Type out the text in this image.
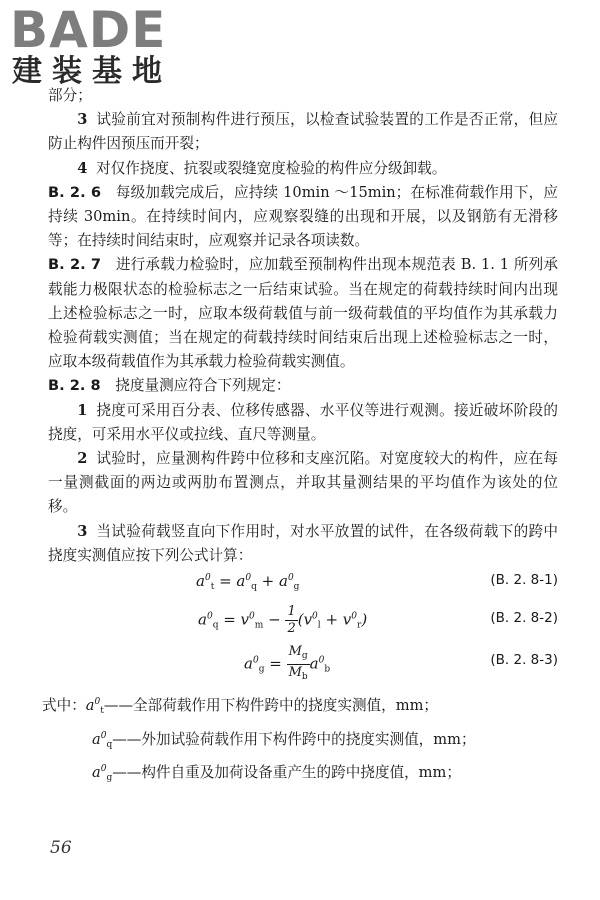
BADE
建装基地

部分；

3 试验前宜对预制构件进行预压，以检查试验装置的工作是否正常，但应防止构件因预压而开裂；

4 对仅作挠度、抗裂或裂缝宽度检验的构件应分级卸载。

B. 2. 6 每级加载完成后，应持续 10min ～15min；在标准荷载作用下，应持续 30min。在持续时间内，应观察裂缝的出现和开展，以及钢筋有无滑移等；在持续时间结束时，应观察并记录各项读数。

B. 2. 7 进行承载力检验时，应加载至预制构件出现本规范表 B. 1. 1 所列承载能力极限状态的检验标志之一后结束试验。当在规定的荷载持续时间内出现上述检验标志之一时，应取本级荷载值与前一级荷载值的平均值作为其承载力检验荷载实测值；当在规定的荷载持续时间结束后出现上述检验标志之一时，应取本级荷载值作为其承载力检验荷载实测值。

B. 2. 8 挠度量测应符合下列规定：

1 挠度可采用百分表、位移传感器、水平仪等进行观测。接近破坏阶段的挠度，可采用水平仪或拉线、直尺等测量。

2 试验时，应量测构件跨中位移和支座沉陷。对宽度较大的构件，应在每一量测截面的两边或两肋布置测点，并取其量测结果的平均值作为该处的位移。

3 当试验荷载竖直向下作用时，对水平放置的试件，在各级荷载下的跨中挠度实测值应按下列公式计算：

$a^0_t = a^0_q + a^0_g$	(B. 2. 8-1)
$a^0_q = v^0_m - \frac{1}{2} (v^0_l + v^0_r)$	(B. 2. 8-2)
$a^0_g = \frac{M_g}{M_b} a^0_b$
(B. 2. 8-3)
式中：$a^0_t——$全部荷载作用下构件跨中的挠度实测值，mm；
$a^0_q——$外加试验荷载作用下构件跨中的挠度实测值，mm；
$a^0_g——$构件自重及加荷设备重产生的跨中挠度值，mm；
56
